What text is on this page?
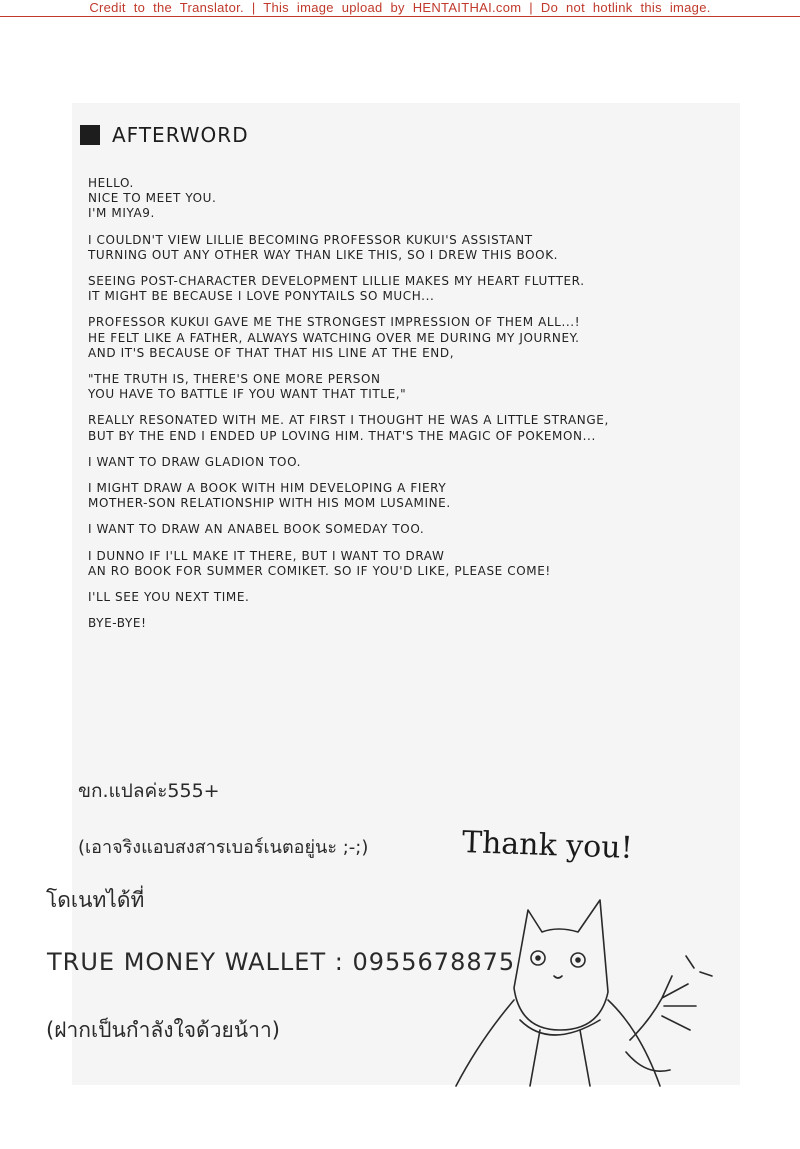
Credit to the Translator. | This image upload by HENTAITHAI.com | Do not hotlink this image.
AFTERWORD
HELLO.
NICE TO MEET YOU.
I'M MIYA9.
I COULDN'T VIEW LILLIE BECOMING PROFESSOR KUKUI'S ASSISTANT
TURNING OUT ANY OTHER WAY THAN LIKE THIS, SO I DREW THIS BOOK.
SEEING POST-CHARACTER DEVELOPMENT LILLIE MAKES MY HEART FLUTTER.
IT MIGHT BE BECAUSE I LOVE PONYTAILS SO MUCH...
PROFESSOR KUKUI GAVE ME THE STRONGEST IMPRESSION OF THEM ALL...!
HE FELT LIKE A FATHER, ALWAYS WATCHING OVER ME DURING MY JOURNEY.
AND IT'S BECAUSE OF THAT THAT HIS LINE AT THE END,
"THE TRUTH IS, THERE'S ONE MORE PERSON
YOU HAVE TO BATTLE IF YOU WANT THAT TITLE,"
REALLY RESONATED WITH ME. AT FIRST I THOUGHT HE WAS A LITTLE STRANGE,
BUT BY THE END I ENDED UP LOVING HIM. THAT'S THE MAGIC OF POKEMON...
I WANT TO DRAW GLADION TOO.
I MIGHT DRAW A BOOK WITH HIM DEVELOPING A FIERY
MOTHER-SON RELATIONSHIP WITH HIS MOM LUSAMINE.
I WANT TO DRAW AN ANABEL BOOK SOMEDAY TOO.
I DUNNO IF I'LL MAKE IT THERE, BUT I WANT TO DRAW
AN RO BOOK FOR SUMMER COMIKET. SO IF YOU'D LIKE, PLEASE COME!
I'LL SEE YOU NEXT TIME.
BYE-BYE!
ขก.แปลค่ะ555+
(เอาจริงแอบสงสารเบอร์เนตอยู่นะ ;-;)
โดเนทได้ที่
TRUE MONEY WALLET : 0955678875
(ฝากเป็นกำลังใจด้วยน้าา)
Thank you!
